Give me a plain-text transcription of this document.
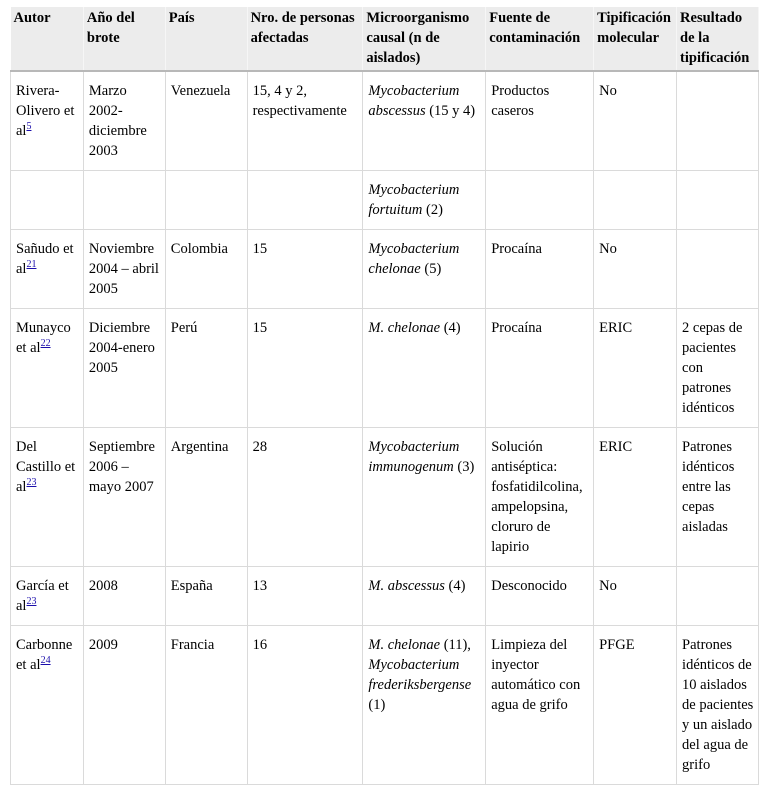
Autor	Año del brote	País	Nro. de personas afectadas	Microorganismo causal (n de aislados)	Fuente de contaminación	Tipificación molecular	Resultado de la tipificación
Rivera-Olivero et al$^5$	Marzo 2002-diciembre 2003	Venezuela	15, 4 y 2, respectivamente	Mycobacterium abscessus (15 y 4)	Productos caseros	No	
				Mycobacterium fortuitum (2)			
Sañudo et al$^{21}$	Noviembre 2004 – abril 2005	Colombia	15	Mycobacterium chelonae (5)	Procaína	No	
Munayco et al$^{22}$	Diciembre 2004-enero 2005	Perú	15	M. chelonae (4)	Procaína	ERIC	2 cepas de pacientes con patrones idénticos
Del Castillo et al$^{23}$	Septiembre 2006 – mayo 2007	Argentina	28	Mycobacterium immunogenum (3)	Solución antiséptica: fosfatidilcolina, ampelopsina, cloruro de lapirio	ERIC	Patrones idénticos entre las cepas aisladas
García et al$^{23}$	2008	España	13	M. abscessus (4)	Desconocido	No	
Carbonne et al$^{24}$	2009	Francia	16	M. chelonae (11), Mycobacterium frederiksbergense (1)	Limpieza del inyector automático con agua de grifo	PFGE	Patrones idénticos de 10 aislados de pacientes y un aislado del agua de grifo
